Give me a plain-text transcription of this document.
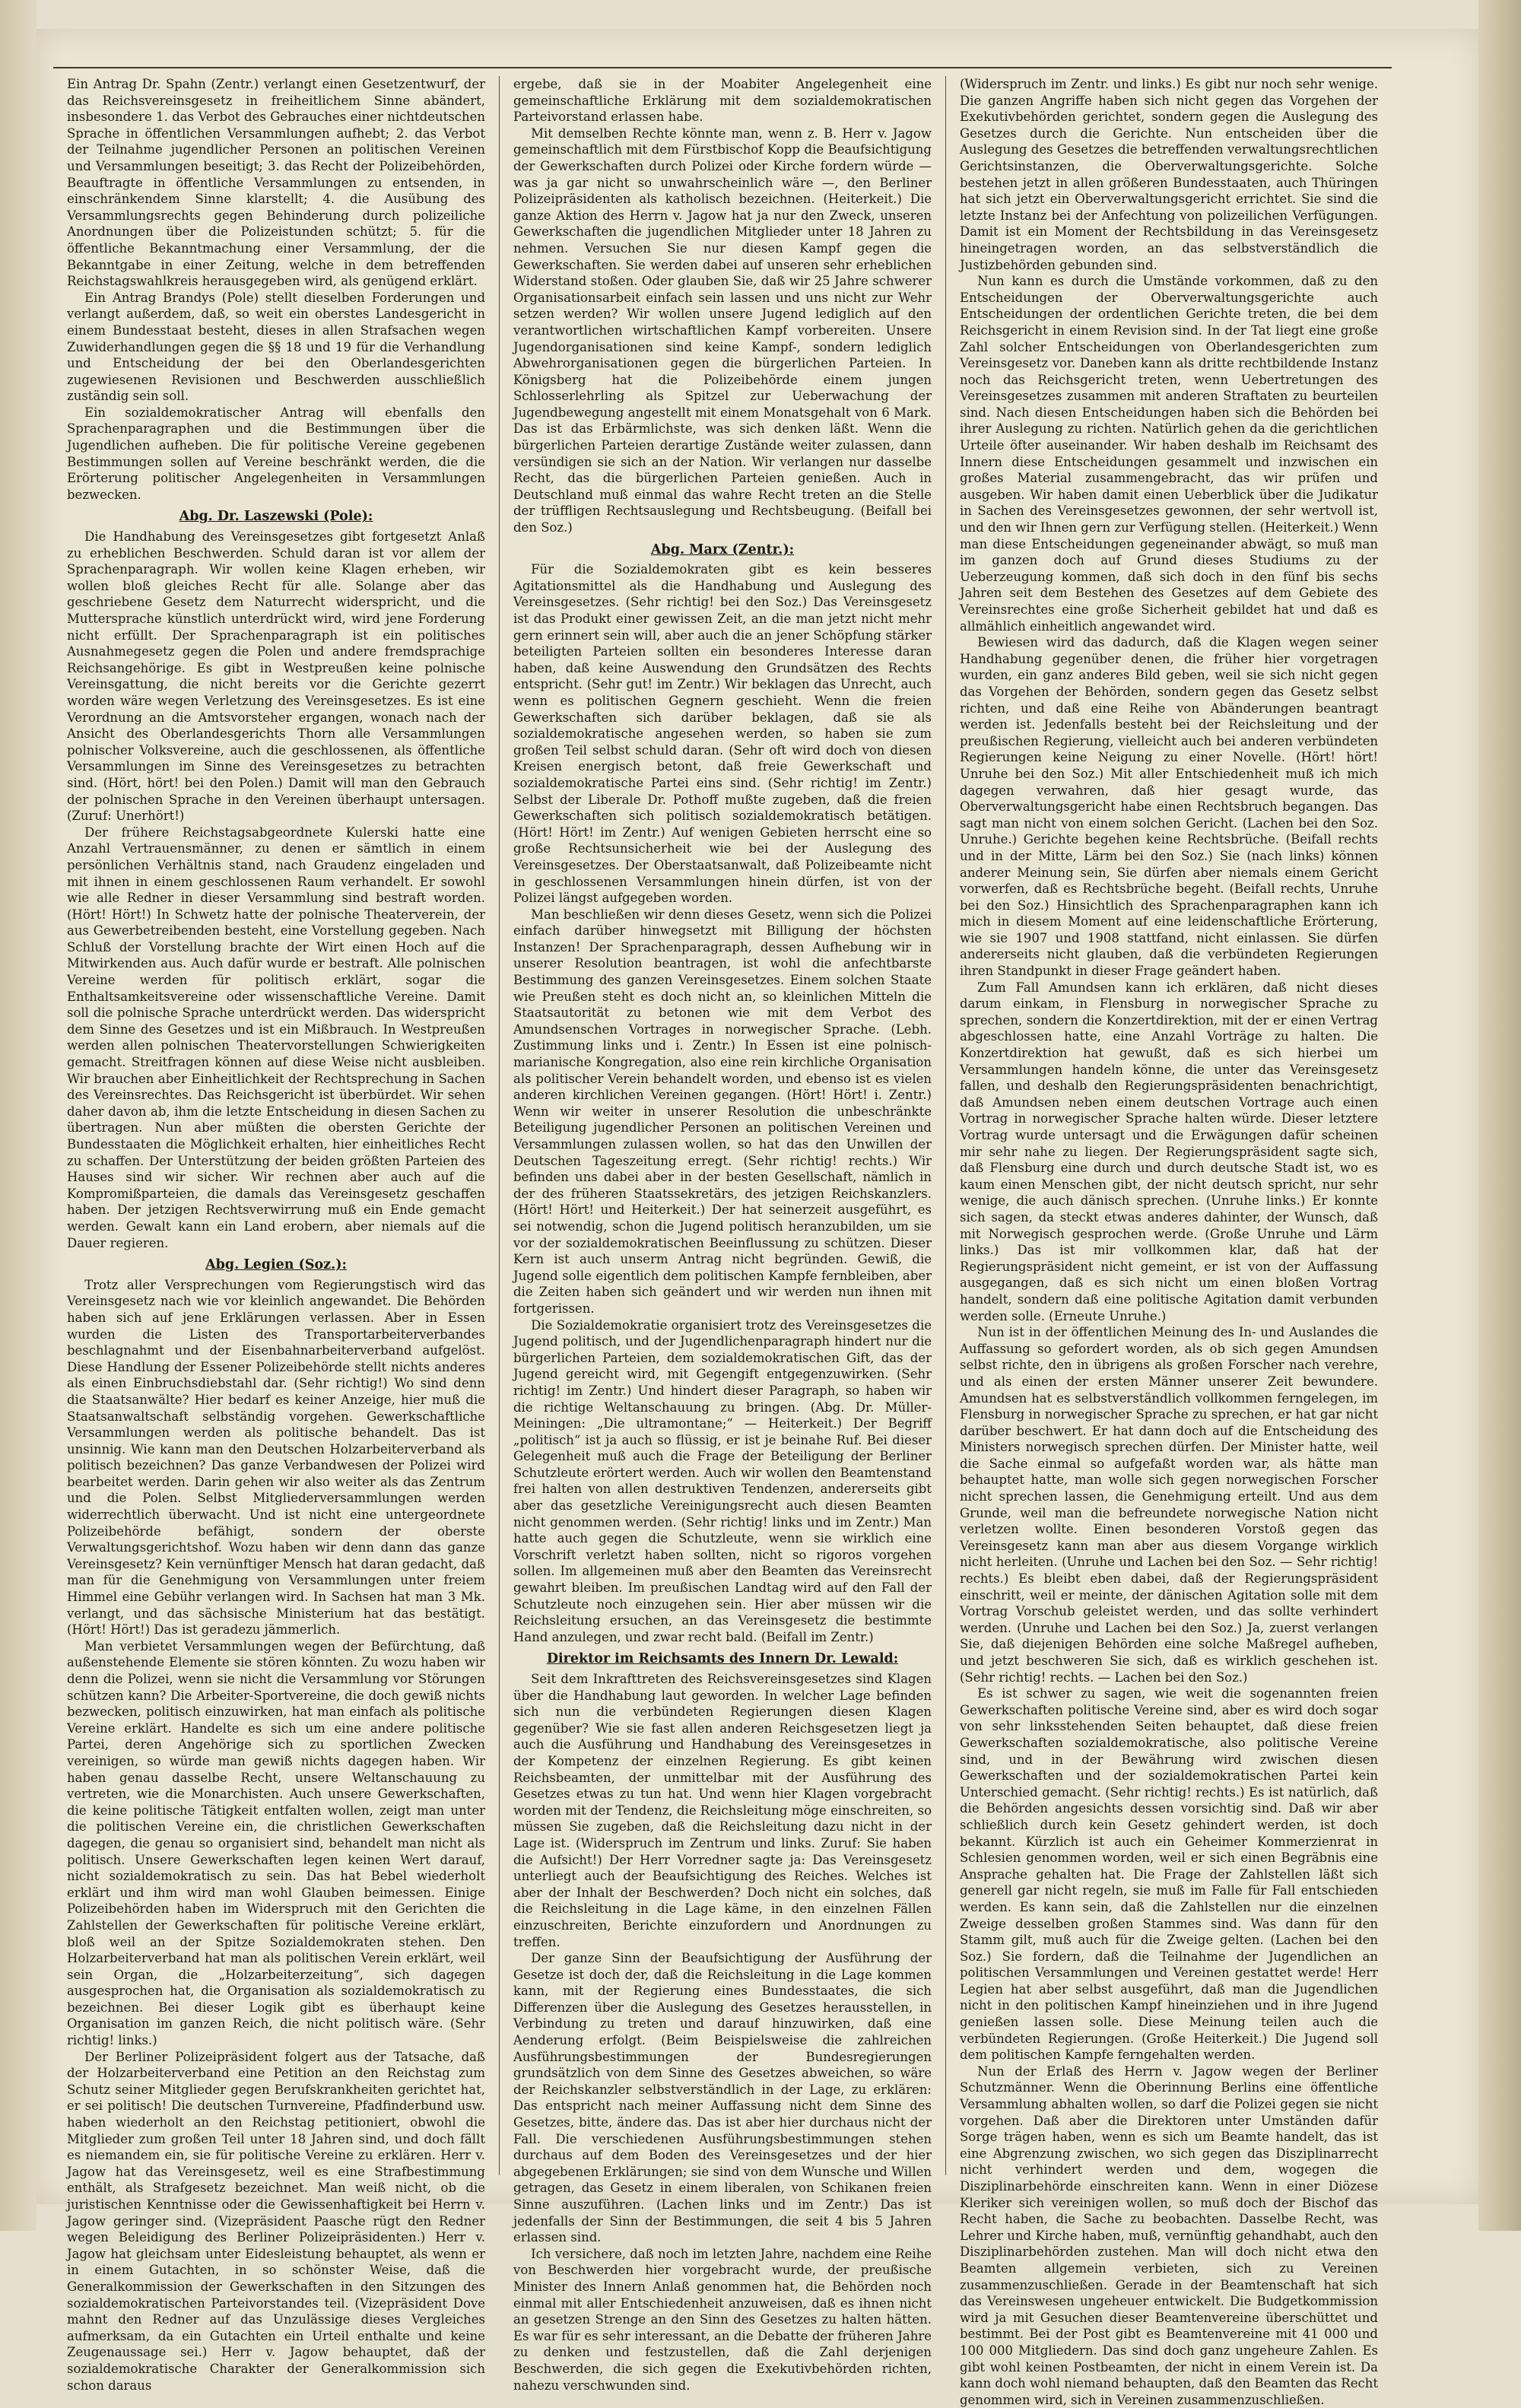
Ein Antrag Dr. Spahn (Zentr.) verlangt einen Gesetzentwurf, der das Reichsvereinsgesetz in freiheitlichem Sinne abändert, insbesondere 1. das Verbot des Gebrauches einer nichtdeutschen Sprache in öffentlichen Versammlungen aufhebt; 2. das Verbot der Teilnahme jugendlicher Personen an politischen Vereinen und Versammlungen beseitigt; 3. das Recht der Polizeibehörden, Beauftragte in öffentliche Versammlungen zu entsenden, in einschränkendem Sinne klarstellt; 4. die Ausübung des Versammlungsrechts gegen Behinderung durch polizeiliche Anordnungen über die Polizeistunden schützt; 5. für die öffentliche Bekanntmachung einer Versammlung, der die Bekanntgabe in einer Zeitung, welche in dem betreffenden Reichstagswahlkreis herausgegeben wird, als genügend erklärt.

Ein Antrag Brandys (Pole) stellt dieselben Forderungen und verlangt außerdem, daß, so weit ein oberstes Landesgericht in einem Bundesstaat besteht, dieses in allen Strafsachen wegen Zuwiderhandlungen gegen die §§ 18 und 19 für die Verhandlung und Entscheidung der bei den Oberlandesgerichten zugewiesenen Revisionen und Beschwerden ausschließlich zuständig sein soll.

Ein sozialdemokratischer Antrag will ebenfalls den Sprachenparagraphen und die Bestimmungen über die Jugendlichen aufheben. Die für politische Vereine gegebenen Bestimmungen sollen auf Vereine beschränkt werden, die die Erörterung politischer Angelegenheiten in Versammlungen bezwecken.

Abg. Dr. Laszewski (Pole):

Die Handhabung des Vereinsgesetzes gibt fortgesetzt Anlaß zu erheblichen Beschwerden. Schuld daran ist vor allem der Sprachenparagraph. Wir wollen keine Klagen erheben, wir wollen bloß gleiches Recht für alle. Solange aber das geschriebene Gesetz dem Naturrecht widerspricht, und die Muttersprache künstlich unterdrückt wird, wird jene Forderung nicht erfüllt. Der Sprachenparagraph ist ein politisches Ausnahmegesetz gegen die Polen und andere fremdsprachige Reichsangehörige. Es gibt in Westpreußen keine polnische Vereinsgattung, die nicht bereits vor die Gerichte gezerrt worden wäre wegen Verletzung des Vereinsgesetzes. Es ist eine Verordnung an die Amtsvorsteher ergangen, wonach nach der Ansicht des Oberlandesgerichts Thorn alle Versammlungen polnischer Volksvereine, auch die geschlossenen, als öffentliche Versammlungen im Sinne des Vereinsgesetzes zu betrachten sind. (Hört, hört! bei den Polen.) Damit will man den Gebrauch der polnischen Sprache in den Vereinen überhaupt untersagen. (Zuruf: Unerhört!)

Der frühere Reichstagsabgeordnete Kulerski hatte eine Anzahl Vertrauensmänner, zu denen er sämtlich in einem persönlichen Verhältnis stand, nach Graudenz eingeladen und mit ihnen in einem geschlossenen Raum verhandelt. Er sowohl wie alle Redner in dieser Versammlung sind bestraft worden. (Hört! Hört!) In Schwetz hatte der polnische Theaterverein, der aus Gewerbetreibenden besteht, eine Vorstellung gegeben. Nach Schluß der Vorstellung brachte der Wirt einen Hoch auf die Mitwirkenden aus. Auch dafür wurde er bestraft. Alle polnischen Vereine werden für politisch erklärt, sogar die Enthaltsamkeitsvereine oder wissenschaftliche Vereine. Damit soll die polnische Sprache unterdrückt werden. Das widerspricht dem Sinne des Gesetzes und ist ein Mißbrauch. In Westpreußen werden allen polnischen Theatervorstellungen Schwierigkeiten gemacht. Streitfragen können auf diese Weise nicht ausbleiben. Wir brauchen aber Einheitlichkeit der Rechtsprechung in Sachen des Vereinsrechtes. Das Reichsgericht ist überbürdet. Wir sehen daher davon ab, ihm die letzte Entscheidung in diesen Sachen zu übertragen. Nun aber müßten die obersten Gerichte der Bundesstaaten die Möglichkeit erhalten, hier einheitliches Recht zu schaffen. Der Unterstützung der beiden größten Parteien des Hauses sind wir sicher. Wir rechnen aber auch auf die Kompromißparteien, die damals das Vereinsgesetz geschaffen haben. Der jetzigen Rechtsverwirrung muß ein Ende gemacht werden. Gewalt kann ein Land erobern, aber niemals auf die Dauer regieren.

Abg. Legien (Soz.):

Trotz aller Versprechungen vom Regierungstisch wird das Vereinsgesetz nach wie vor kleinlich angewandet. Die Behörden haben sich auf jene Erklärungen verlassen. Aber in Essen wurden die Listen des Transportarbeiterverbandes beschlagnahmt und der Eisenbahnarbeiterverband aufgelöst. Diese Handlung der Essener Polizeibehörde stellt nichts anderes als einen Einbruchsdiebstahl dar. (Sehr richtig!) Wo sind denn die Staatsanwälte? Hier bedarf es keiner Anzeige, hier muß die Staatsanwaltschaft selbständig vorgehen. Gewerkschaftliche Versammlungen werden als politische behandelt. Das ist unsinnig. Wie kann man den Deutschen Holzarbeiterverband als politisch bezeichnen? Das ganze Verbandwesen der Polizei wird bearbeitet werden. Darin gehen wir also weiter als das Zentrum und die Polen. Selbst Mitgliederversammlungen werden widerrechtlich überwacht. Und ist nicht eine untergeordnete Polizeibehörde befähigt, sondern der oberste Verwaltungsgerichtshof. Wozu haben wir denn dann das ganze Vereinsgesetz? Kein vernünftiger Mensch hat daran gedacht, daß man für die Genehmigung von Versammlungen unter freiem Himmel eine Gebühr verlangen wird. In Sachsen hat man 3 Mk. verlangt, und das sächsische Ministerium hat das bestätigt. (Hört! Hört!) Das ist geradezu jämmerlich.

Man verbietet Versammlungen wegen der Befürchtung, daß außenstehende Elemente sie stören könnten. Zu wozu haben wir denn die Polizei, wenn sie nicht die Versammlung vor Störungen schützen kann? Die Arbeiter-Sportvereine, die doch gewiß nichts bezwecken, politisch einzuwirken, hat man einfach als politische Vereine erklärt. Handelte es sich um eine andere politische Partei, deren Angehörige sich zu sportlichen Zwecken vereinigen, so würde man gewiß nichts dagegen haben. Wir haben genau dasselbe Recht, unsere Weltanschauung zu vertreten, wie die Monarchisten. Auch unsere Gewerkschaften, die keine politische Tätigkeit entfalten wollen, zeigt man unter die politischen Vereine ein, die christlichen Gewerkschaften dagegen, die genau so organisiert sind, behandelt man nicht als politisch. Unsere Gewerkschaften legen keinen Wert darauf, nicht sozialdemokratisch zu sein. Das hat Bebel wiederholt erklärt und ihm wird man wohl Glauben beimessen. Einige Polizeibehörden haben im Widerspruch mit den Gerichten die Zahlstellen der Gewerkschaften für politische Vereine erklärt, bloß weil an der Spitze Sozialdemokraten stehen. Den Holzarbeiterverband hat man als politischen Verein erklärt, weil sein Organ, die „Holzarbeiterzeitung“, sich dagegen ausgesprochen hat, die Organisation als sozialdemokratisch zu bezeichnen. Bei dieser Logik gibt es überhaupt keine Organisation im ganzen Reich, die nicht politisch wäre. (Sehr richtig! links.)

Der Berliner Polizeipräsident folgert aus der Tatsache, daß der Holzarbeiterverband eine Petition an den Reichstag zum Schutz seiner Mitglieder gegen Berufskrankheiten gerichtet hat, er sei politisch! Die deutschen Turnvereine, Pfadfinderbund usw. haben wiederholt an den Reichstag petitioniert, obwohl die Mitglieder zum großen Teil unter 18 Jahren sind, und doch fällt es niemandem ein, sie für politische Vereine zu erklären. Herr v. Jagow hat das Vereinsgesetz, weil es eine Strafbestimmung enthält, als Strafgesetz bezeichnet. Man weiß nicht, ob die juristischen Kenntnisse oder die Gewissenhaftigkeit bei Herrn v. Jagow geringer sind. (Vizepräsident Paasche rügt den Redner wegen Beleidigung des Berliner Polizeipräsidenten.) Herr v. Jagow hat gleichsam unter Eidesleistung behauptet, als wenn er in einem Gutachten, in so schönster Weise, daß die Generalkommission der Gewerkschaften in den Sitzungen des sozialdemokratischen Parteivorstandes teil. (Vizepräsident Dove mahnt den Redner auf das Unzulässige dieses Vergleiches aufmerksam, da ein Gutachten ein Urteil enthalte und keine Zeugenaussage sei.) Herr v. Jagow behauptet, daß der sozialdemokratische Charakter der Generalkommission sich schon daraus

ergebe, daß sie in der Moabiter Angelegenheit eine gemeinschaftliche Erklärung mit dem sozialdemokratischen Parteivorstand erlassen habe.

Mit demselben Rechte könnte man, wenn z. B. Herr v. Jagow gemeinschaftlich mit dem Fürstbischof Kopp die Beaufsichtigung der Gewerkschaften durch Polizei oder Kirche fordern würde — was ja gar nicht so unwahrscheinlich wäre —, den Berliner Polizeipräsidenten als katholisch bezeichnen. (Heiterkeit.) Die ganze Aktion des Herrn v. Jagow hat ja nur den Zweck, unseren Gewerkschaften die jugendlichen Mitglieder unter 18 Jahren zu nehmen. Versuchen Sie nur diesen Kampf gegen die Gewerkschaften. Sie werden dabei auf unseren sehr erheblichen Widerstand stoßen. Oder glauben Sie, daß wir 25 Jahre schwerer Organisationsarbeit einfach sein lassen und uns nicht zur Wehr setzen werden? Wir wollen unsere Jugend lediglich auf den verantwortlichen wirtschaftlichen Kampf vorbereiten. Unsere Jugendorganisationen sind keine Kampf-, sondern lediglich Abwehrorganisationen gegen die bürgerlichen Parteien. In Königsberg hat die Polizeibehörde einem jungen Schlosserlehrling als Spitzel zur Ueberwachung der Jugendbewegung angestellt mit einem Monatsgehalt von 6 Mark. Das ist das Erbärmlichste, was sich denken läßt. Wenn die bürgerlichen Parteien derartige Zustände weiter zulassen, dann versündigen sie sich an der Nation. Wir verlangen nur dasselbe Recht, das die bürgerlichen Parteien genießen. Auch in Deutschland muß einmal das wahre Recht treten an die Stelle der trüffligen Rechtsauslegung und Rechtsbeugung. (Beifall bei den Soz.)

Abg. Marx (Zentr.):

Für die Sozialdemokraten gibt es kein besseres Agitationsmittel als die Handhabung und Auslegung des Vereinsgesetzes. (Sehr richtig! bei den Soz.) Das Vereinsgesetz ist das Produkt einer gewissen Zeit, an die man jetzt nicht mehr gern erinnert sein will, aber auch die an jener Schöpfung stärker beteiligten Parteien sollten ein besonderes Interesse daran haben, daß keine Auswendung den Grundsätzen des Rechts entspricht. (Sehr gut! im Zentr.) Wir beklagen das Unrecht, auch wenn es politischen Gegnern geschieht. Wenn die freien Gewerkschaften sich darüber beklagen, daß sie als sozialdemokratische angesehen werden, so haben sie zum großen Teil selbst schuld daran. (Sehr oft wird doch von diesen Kreisen energisch betont, daß freie Gewerkschaft und sozialdemokratische Partei eins sind. (Sehr richtig! im Zentr.) Selbst der Liberale Dr. Pothoff mußte zugeben, daß die freien Gewerkschaften sich politisch sozialdemokratisch betätigen. (Hört! Hört! im Zentr.) Auf wenigen Gebieten herrscht eine so große Rechtsunsicherheit wie bei der Auslegung des Vereinsgesetzes. Der Oberstaatsanwalt, daß Polizeibeamte nicht in geschlossenen Versammlungen hinein dürfen, ist von der Polizei längst aufgegeben worden.

Man beschließen wir denn dieses Gesetz, wenn sich die Polizei einfach darüber hinwegsetzt mit Billigung der höchsten Instanzen! Der Sprachenparagraph, dessen Aufhebung wir in unserer Resolution beantragen, ist wohl die anfechtbarste Bestimmung des ganzen Vereinsgesetzes. Einem solchen Staate wie Preußen steht es doch nicht an, so kleinlichen Mitteln die Staatsautorität zu betonen wie mit dem Verbot des Amundsenschen Vortrages in norwegischer Sprache. (Lebh. Zustimmung links und i. Zentr.) In Essen ist eine polnisch-marianische Kongregation, also eine rein kirchliche Organisation als politischer Verein behandelt worden, und ebenso ist es vielen anderen kirchlichen Vereinen gegangen. (Hört! Hört! i. Zentr.) Wenn wir weiter in unserer Resolution die unbeschränkte Beteiligung jugendlicher Personen an politischen Vereinen und Versammlungen zulassen wollen, so hat das den Unwillen der Deutschen Tageszeitung erregt. (Sehr richtig! rechts.) Wir befinden uns dabei aber in der besten Gesellschaft, nämlich in der des früheren Staatssekretärs, des jetzigen Reichskanzlers. (Hört! Hört! und Heiterkeit.) Der hat seinerzeit ausgeführt, es sei notwendig, schon die Jugend politisch heranzubilden, um sie vor der sozialdemokratischen Beeinflussung zu schützen. Dieser Kern ist auch unserm Antrag nicht begründen. Gewiß, die Jugend solle eigentlich dem politischen Kampfe fernbleiben, aber die Zeiten haben sich geändert und wir werden nun ihnen mit fortgerissen.

Die Sozialdemokratie organisiert trotz des Vereinsgesetzes die Jugend politisch, und der Jugendlichenparagraph hindert nur die bürgerlichen Parteien, dem sozialdemokratischen Gift, das der Jugend gereicht wird, mit Gegengift entgegenzuwirken. (Sehr richtig! im Zentr.) Und hindert dieser Paragraph, so haben wir die richtige Weltanschauung zu bringen. (Abg. Dr. Müller-Meiningen: „Die ultramontane;“ — Heiterkeit.) Der Begriff „politisch“ ist ja auch so flüssig, er ist je beinahe Ruf. Bei dieser Gelegenheit muß auch die Frage der Beteiligung der Berliner Schutzleute erörtert werden. Auch wir wollen den Beamtenstand frei halten von allen destruktiven Tendenzen, andererseits gibt aber das gesetzliche Vereinigungsrecht auch diesen Beamten nicht genommen werden. (Sehr richtig! links und im Zentr.) Man hatte auch gegen die Schutzleute, wenn sie wirklich eine Vorschrift verletzt haben sollten, nicht so rigoros vorgehen sollen. Im allgemeinen muß aber den Beamten das Vereinsrecht gewahrt bleiben. Im preußischen Landtag wird auf den Fall der Schutzleute noch einzugehen sein. Hier aber müssen wir die Reichsleitung ersuchen, an das Vereinsgesetz die bestimmte Hand anzulegen, und zwar recht bald. (Beifall im Zentr.)

Direktor im Reichsamts des Innern Dr. Lewald:

Seit dem Inkrafttreten des Reichsvereinsgesetzes sind Klagen über die Handhabung laut geworden. In welcher Lage befinden sich nun die verbündeten Regierungen diesen Klagen gegenüber? Wie sie fast allen anderen Reichsgesetzen liegt ja auch die Ausführung und Handhabung des Vereinsgesetzes in der Kompetenz der einzelnen Regierung. Es gibt keinen Reichsbeamten, der unmittelbar mit der Ausführung des Gesetzes etwas zu tun hat. Und wenn hier Klagen vorgebracht worden mit der Tendenz, die Reichsleitung möge einschreiten, so müssen Sie zugeben, daß die Reichsleitung dazu nicht in der Lage ist. (Widerspruch im Zentrum und links. Zuruf: Sie haben die Aufsicht!) Der Herr Vorredner sagte ja: Das Vereinsgesetz unterliegt auch der Beaufsichtigung des Reiches. Welches ist aber der Inhalt der Beschwerden? Doch nicht ein solches, daß die Reichsleitung in die Lage käme, in den einzelnen Fällen einzuschreiten, Berichte einzufordern und Anordnungen zu treffen.

Der ganze Sinn der Beaufsichtigung der Ausführung der Gesetze ist doch der, daß die Reichsleitung in die Lage kommen kann, mit der Regierung eines Bundesstaates, die sich Differenzen über die Auslegung des Gesetzes herausstellen, in Verbindung zu treten und darauf hinzuwirken, daß eine Aenderung erfolgt. (Beim Beispielsweise die zahlreichen Ausführungsbestimmungen der Bundesregierungen grundsätzlich von dem Sinne des Gesetzes abweichen, so wäre der Reichskanzler selbstverständlich in der Lage, zu erklären: Das entspricht nach meiner Auffassung nicht dem Sinne des Gesetzes, bitte, ändere das. Das ist aber hier durchaus nicht der Fall. Die verschiedenen Ausführungsbestimmungen stehen durchaus auf dem Boden des Vereinsgesetzes und der hier abgegebenen Erklärungen; sie sind von dem Wunsche und Willen getragen, das Gesetz in einem liberalen, von Schikanen freien Sinne auszuführen. (Lachen links und im Zentr.) Das ist jedenfalls der Sinn der Bestimmungen, die seit 4 bis 5 Jahren erlassen sind.

Ich versichere, daß noch im letzten Jahre, nachdem eine Reihe von Beschwerden hier vorgebracht wurde, der preußische Minister des Innern Anlaß genommen hat, die Behörden noch einmal mit aller Entschiedenheit anzuweisen, daß es ihnen nicht an gesetzen Strenge an den Sinn des Gesetzes zu halten hätten. Es war für es sehr interessant, an die Debatte der früheren Jahre zu denken und festzustellen, daß die Zahl derjenigen Beschwerden, die sich gegen die Exekutivbehörden richten, nahezu verschwunden sind.

(Widerspruch im Zentr. und links.) Es gibt nur noch sehr wenige. Die ganzen Angriffe haben sich nicht gegen das Vorgehen der Exekutivbehörden gerichtet, sondern gegen die Auslegung des Gesetzes durch die Gerichte. Nun entscheiden über die Auslegung des Gesetzes die betreffenden verwaltungsrechtlichen Gerichtsinstanzen, die Oberverwaltungsgerichte. Solche bestehen jetzt in allen größeren Bundesstaaten, auch Thüringen hat sich jetzt ein Oberverwaltungsgericht errichtet. Sie sind die letzte Instanz bei der Anfechtung von polizeilichen Verfügungen. Damit ist ein Moment der Rechtsbildung in das Vereinsgesetz hineingetragen worden, an das selbstverständlich die Justizbehörden gebunden sind.

Nun kann es durch die Umstände vorkommen, daß zu den Entscheidungen der Oberverwaltungsgerichte auch Entscheidungen der ordentlichen Gerichte treten, die bei dem Reichsgericht in einem Revision sind. In der Tat liegt eine große Zahl solcher Entscheidungen von Oberlandesgerichten zum Vereinsgesetz vor. Daneben kann als dritte rechtbildende Instanz noch das Reichsgericht treten, wenn Uebertretungen des Vereinsgesetzes zusammen mit anderen Straftaten zu beurteilen sind. Nach diesen Entscheidungen haben sich die Behörden bei ihrer Auslegung zu richten. Natürlich gehen da die gerichtlichen Urteile öfter auseinander. Wir haben deshalb im Reichsamt des Innern diese Entscheidungen gesammelt und inzwischen ein großes Material zusammengebracht, das wir prüfen und ausgeben. Wir haben damit einen Ueberblick über die Judikatur in Sachen des Vereinsgesetzes gewonnen, der sehr wertvoll ist, und den wir Ihnen gern zur Verfügung stellen. (Heiterkeit.) Wenn man diese Entscheidungen gegeneinander abwägt, so muß man im ganzen doch auf Grund dieses Studiums zu der Ueberzeugung kommen, daß sich doch in den fünf bis sechs Jahren seit dem Bestehen des Gesetzes auf dem Gebiete des Vereinsrechtes eine große Sicherheit gebildet hat und daß es allmählich einheitlich angewandet wird.

Bewiesen wird das dadurch, daß die Klagen wegen seiner Handhabung gegenüber denen, die früher hier vorgetragen wurden, ein ganz anderes Bild geben, weil sie sich nicht gegen das Vorgehen der Behörden, sondern gegen das Gesetz selbst richten, und daß eine Reihe von Abänderungen beantragt werden ist. Jedenfalls besteht bei der Reichsleitung und der preußischen Regierung, vielleicht auch bei anderen verbündeten Regierungen keine Neigung zu einer Novelle. (Hört! hört! Unruhe bei den Soz.) Mit aller Entschiedenheit muß ich mich dagegen verwahren, daß hier gesagt wurde, das Oberverwaltungsgericht habe einen Rechtsbruch begangen. Das sagt man nicht von einem solchen Gericht. (Lachen bei den Soz. Unruhe.) Gerichte begehen keine Rechtsbrüche. (Beifall rechts und in der Mitte, Lärm bei den Soz.) Sie (nach links) können anderer Meinung sein, Sie dürfen aber niemals einem Gericht vorwerfen, daß es Rechtsbrüche begeht. (Beifall rechts, Unruhe bei den Soz.) Hinsichtlich des Sprachenparagraphen kann ich mich in diesem Moment auf eine leidenschaftliche Erörterung, wie sie 1907 und 1908 stattfand, nicht einlassen. Sie dürfen andererseits nicht glauben, daß die verbündeten Regierungen ihren Standpunkt in dieser Frage geändert haben.

Zum Fall Amundsen kann ich erklären, daß nicht dieses darum einkam, in Flensburg in norwegischer Sprache zu sprechen, sondern die Konzertdirektion, mit der er einen Vertrag abgeschlossen hatte, eine Anzahl Vorträge zu halten. Die Konzertdirektion hat gewußt, daß es sich hierbei um Versammlungen handeln könne, die unter das Vereinsgesetz fallen, und deshalb den Regierungspräsidenten benachrichtigt, daß Amundsen neben einem deutschen Vortrage auch einen Vortrag in norwegischer Sprache halten würde. Dieser letztere Vortrag wurde untersagt und die Erwägungen dafür scheinen mir sehr nahe zu liegen. Der Regierungspräsident sagte sich, daß Flensburg eine durch und durch deutsche Stadt ist, wo es kaum einen Menschen gibt, der nicht deutsch spricht, nur sehr wenige, die auch dänisch sprechen. (Unruhe links.) Er konnte sich sagen, da steckt etwas anderes dahinter, der Wunsch, daß mit Norwegisch gesprochen werde. (Große Unruhe und Lärm links.) Das ist mir vollkommen klar, daß hat der Regierungspräsident nicht gemeint, er ist von der Auffassung ausgegangen, daß es sich nicht um einen bloßen Vortrag handelt, sondern daß eine politische Agitation damit verbunden werden solle. (Erneute Unruhe.)

Nun ist in der öffentlichen Meinung des In- und Auslandes die Auffassung so gefordert worden, als ob sich gegen Amundsen selbst richte, den in übrigens als großen Forscher nach verehre, und als einen der ersten Männer unserer Zeit bewundere. Amundsen hat es selbstverständlich vollkommen ferngelegen, im Flensburg in norwegischer Sprache zu sprechen, er hat gar nicht darüber beschwert. Er hat dann doch auf die Entscheidung des Ministers norwegisch sprechen dürfen. Der Minister hatte, weil die Sache einmal so aufgefaßt worden war, als hätte man behauptet hatte, man wolle sich gegen norwegischen Forscher nicht sprechen lassen, die Genehmigung erteilt. Und aus dem Grunde, weil man die befreundete norwegische Nation nicht verletzen wollte. Einen besonderen Vorstoß gegen das Vereinsgesetz kann man aber aus diesem Vorgange wirklich nicht herleiten. (Unruhe und Lachen bei den Soz. — Sehr richtig! rechts.) Es bleibt eben dabei, daß der Regierungspräsident einschritt, weil er meinte, der dänischen Agitation solle mit dem Vortrag Vorschub geleistet werden, und das sollte verhindert werden. (Unruhe und Lachen bei den Soz.) Ja, zuerst verlangen Sie, daß diejenigen Behörden eine solche Maßregel aufheben, und jetzt beschweren Sie sich, daß es wirklich geschehen ist. (Sehr richtig! rechts. — Lachen bei den Soz.)

Es ist schwer zu sagen, wie weit die sogenannten freien Gewerkschaften politische Vereine sind, aber es wird doch sogar von sehr linksstehenden Seiten behauptet, daß diese freien Gewerkschaften sozialdemokratische, also politische Vereine sind, und in der Bewährung wird zwischen diesen Gewerkschaften und der sozialdemokratischen Partei kein Unterschied gemacht. (Sehr richtig! rechts.) Es ist natürlich, daß die Behörden angesichts dessen vorsichtig sind. Daß wir aber schließlich durch kein Gesetz gehindert werden, ist doch bekannt. Kürzlich ist auch ein Geheimer Kommerzienrat in Schlesien genommen worden, weil er sich einen Begräbnis eine Ansprache gehalten hat. Die Frage der Zahlstellen läßt sich generell gar nicht regeln, sie muß im Falle für Fall entschieden werden. Es kann sein, daß die Zahlstellen nur die einzelnen Zweige desselben großen Stammes sind. Was dann für den Stamm gilt, muß auch für die Zweige gelten. (Lachen bei den Soz.) Sie fordern, daß die Teilnahme der Jugendlichen an politischen Versammlungen und Vereinen gestattet werde! Herr Legien hat aber selbst ausgeführt, daß man die Jugendlichen nicht in den politischen Kampf hineinziehen und in ihre Jugend genießen lassen solle. Diese Meinung teilen auch die verbündeten Regierungen. (Große Heiterkeit.) Die Jugend soll dem politischen Kampfe ferngehalten werden.

Nun der Erlaß des Herrn v. Jagow wegen der Berliner Schutzmänner. Wenn die Oberinnung Berlins eine öffentliche Versammlung abhalten wollen, so darf die Polizei gegen sie nicht vorgehen. Daß aber die Direktoren unter Umständen dafür Sorge trägen haben, wenn es sich um Beamte handelt, das ist eine Abgrenzung zwischen, wo sich gegen das Disziplinarrecht nicht verhindert werden und dem, wogegen die Disziplinarbehörde einschreiten kann. Wenn in einer Diözese Kleriker sich vereinigen wollen, so muß doch der Bischof das Recht haben, die Sache zu beobachten. Dasselbe Recht, was Lehrer und Kirche haben, muß, vernünftig gehandhabt, auch den Disziplinarbehörden zustehen. Man will doch nicht etwa den Beamten allgemein verbieten, sich zu Vereinen zusammenzuschließen. Gerade in der Beamtenschaft hat sich das Vereinswesen ungeheuer entwickelt. Die Budgetkommission wird ja mit Gesuchen dieser Beamtenvereine überschüttet und bestimmt. Bei der Post gibt es Beamtenvereine mit 41 000 und 100 000 Mitgliedern. Das sind doch ganz ungeheure Zahlen. Es gibt wohl keinen Postbeamten, der nicht in einem Verein ist. Da kann doch wohl niemand behaupten, daß den Beamten das Recht genommen wird, sich in Vereinen zusammenzuschließen.
